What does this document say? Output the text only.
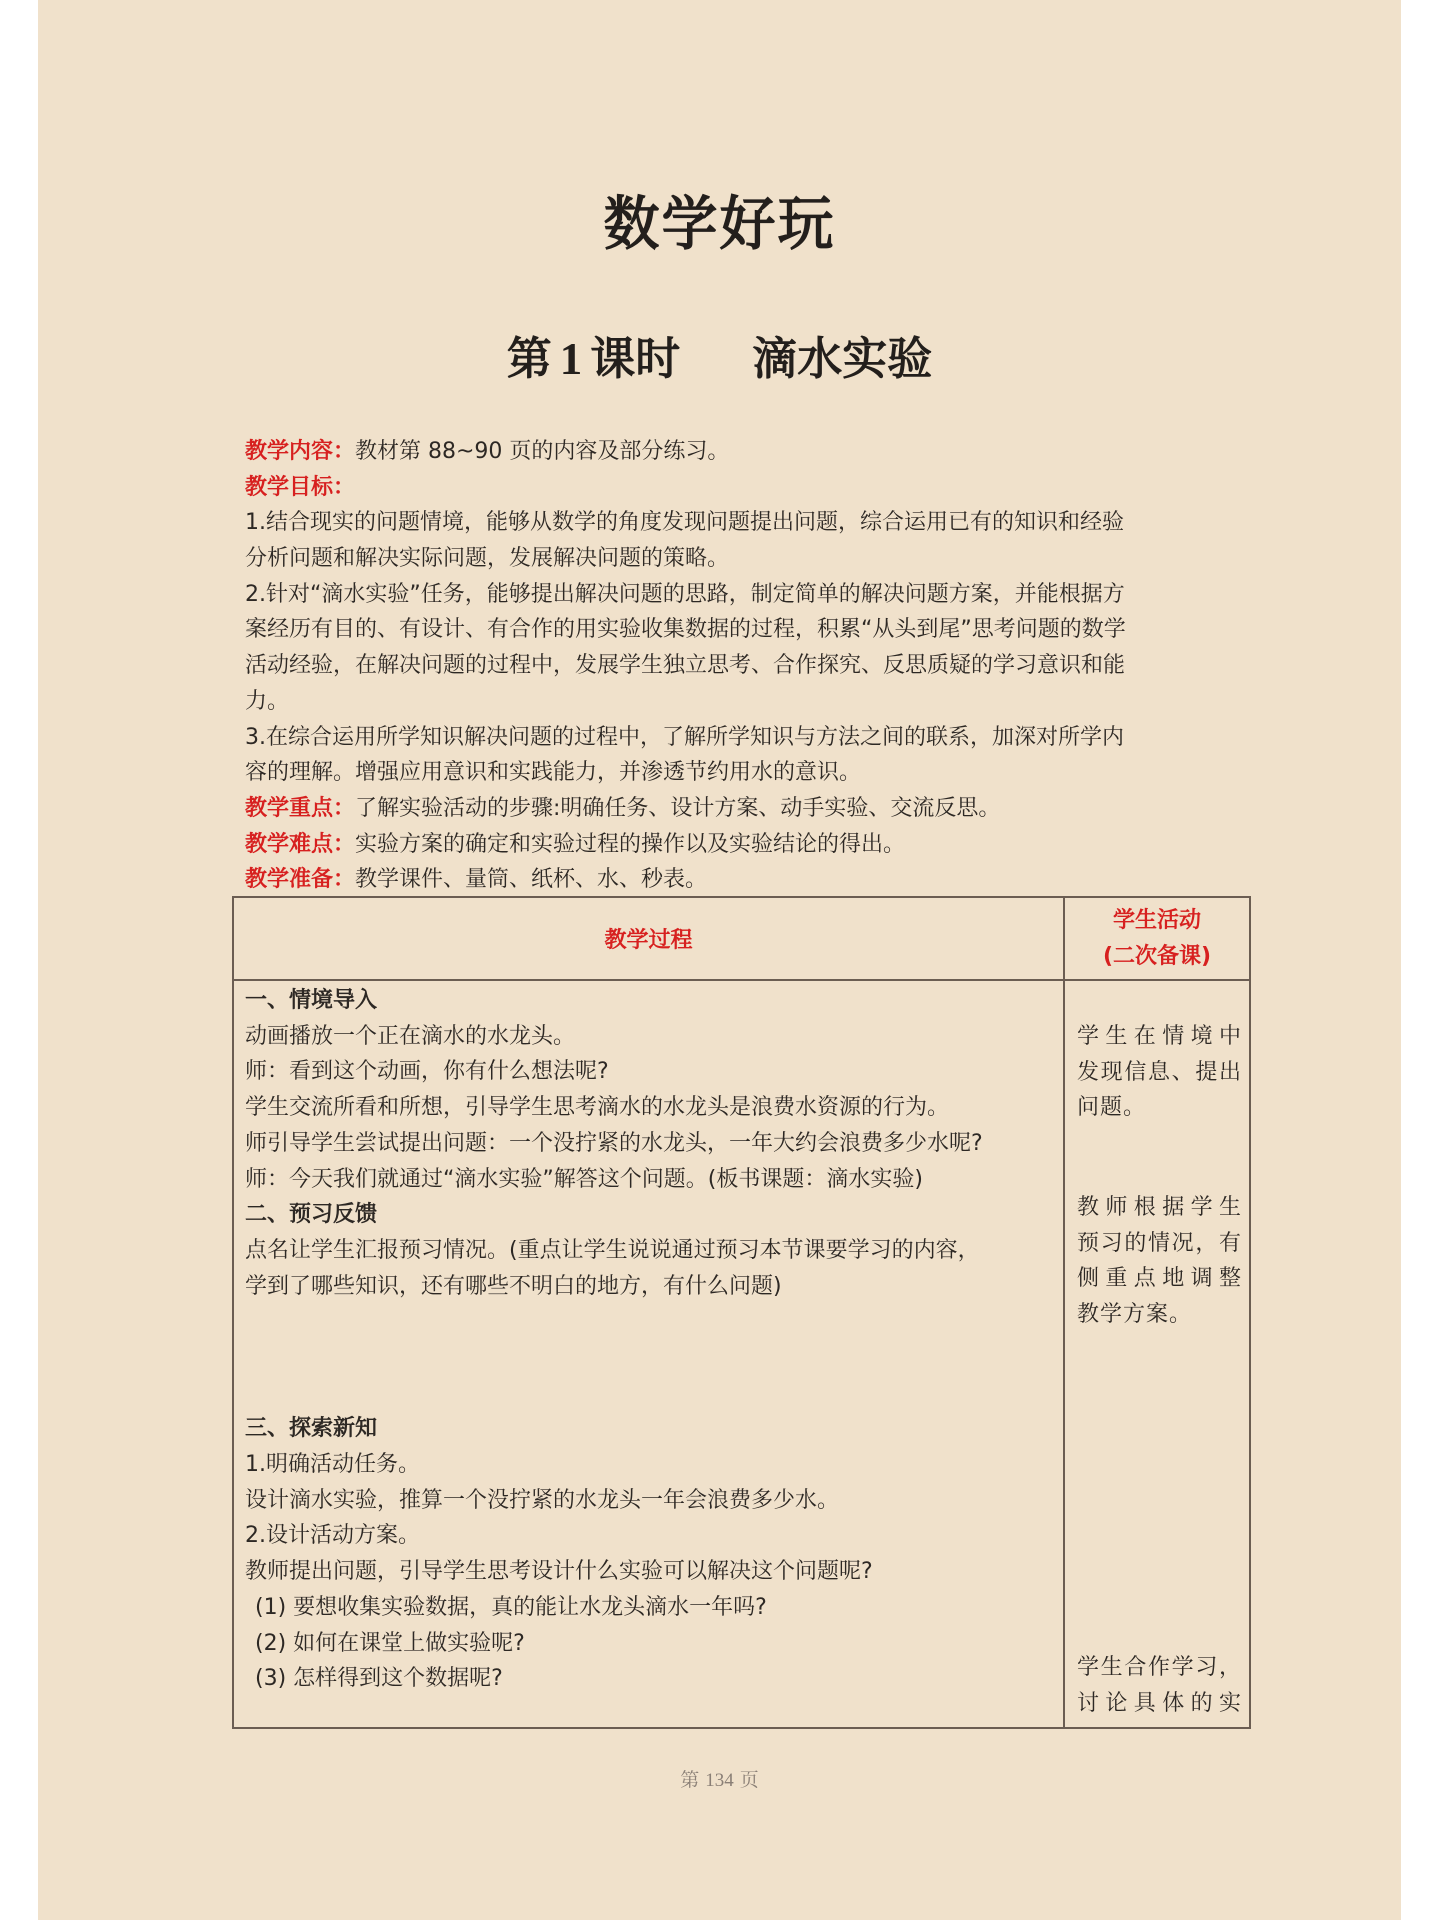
数学好玩
第 1 课时 滴水实验
教学内容：教材第 88~90 页的内容及部分练习。
教学目标：
1.结合现实的问题情境，能够从数学的角度发现问题提出问题，综合运用已有的知识和经验
分析问题和解决实际问题，发展解决问题的策略。
2.针对“滴水实验”任务，能够提出解决问题的思路，制定简单的解决问题方案，并能根据方
案经历有目的、有设计、有合作的用实验收集数据的过程，积累“从头到尾”思考问题的数学
活动经验，在解决问题的过程中，发展学生独立思考、合作探究、反思质疑的学习意识和能
力。
3.在综合运用所学知识解决问题的过程中，了解所学知识与方法之间的联系，加深对所学内
容的理解。增强应用意识和实践能力，并渗透节约用水的意识。
教学重点：了解实验活动的步骤:明确任务、设计方案、动手实验、交流反思。
教学难点：实验方案的确定和实验过程的操作以及实验结论的得出。
教学准备：教学课件、量筒、纸杯、水、秒表。
教学过程
学生活动
(二次备课)
一、情境导入
动画播放一个正在滴水的水龙头。
师：看到这个动画，你有什么想法呢?
学生交流所看和所想，引导学生思考滴水的水龙头是浪费水资源的行为。
师引导学生尝试提出问题：一个没拧紧的水龙头，一年大约会浪费多少水呢?
师：今天我们就通过“滴水实验”解答这个问题。(板书课题：滴水实验)
二、预习反馈
点名让学生汇报预习情况。(重点让学生说说通过预习本节课要学习的内容，
学到了哪些知识，还有哪些不明白的地方，有什么问题)
三、探索新知
1.明确活动任务。
设计滴水实验，推算一个没拧紧的水龙头一年会浪费多少水。
2.设计活动方案。
教师提出问题，引导学生思考设计什么实验可以解决这个问题呢?
(1) 要想收集实验数据，真的能让水龙头滴水一年吗?
(2) 如何在课堂上做实验呢?
(3) 怎样得到这个数据呢?
学生在情境中
发现信息、提出
问题。
教师根据学生
预习的情况，有
侧重点地调整
教学方案。
学生合作学习，
讨论具体的实
第 134 页
